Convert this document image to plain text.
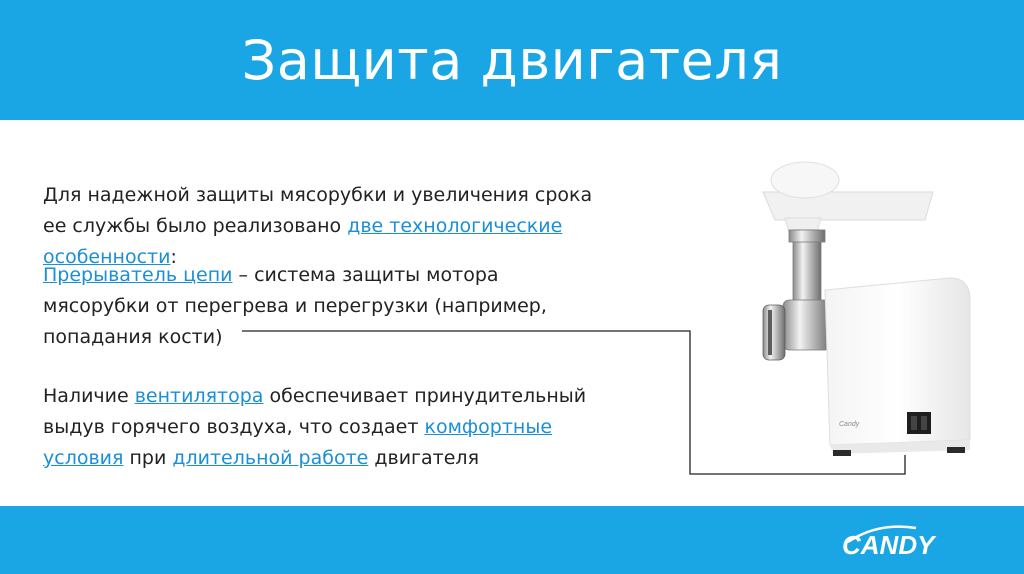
Защита двигателя
Для надежной защиты мясорубки и увеличения срока ее службы было реализовано две технологические особенности:
Прерыватель цепи – система защиты мотора мясорубки от перегрева и перегрузки (например, попадания кости)
Наличие вентилятора обеспечивает принудительный выдув горячего воздуха, что создает комфортные условия при длительной работе двигателя
Candy
CANDY
